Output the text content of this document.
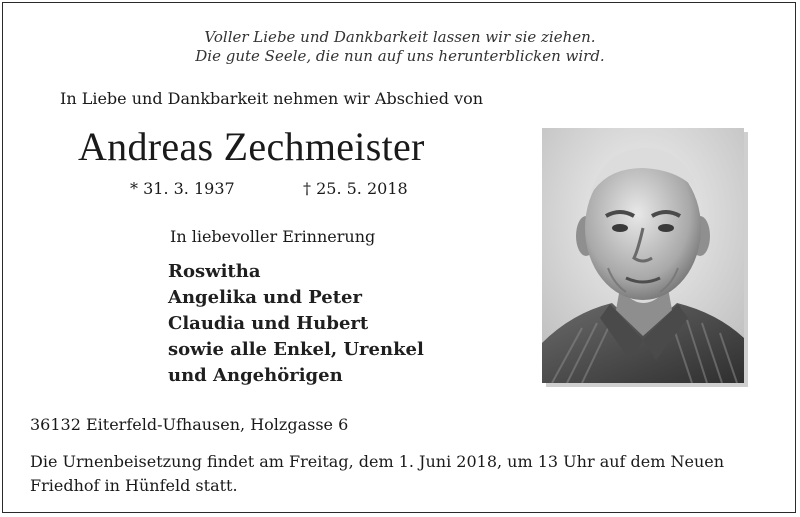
Voller Liebe und Dankbarkeit lassen wir sie ziehen.
Die gute Seele, die nun auf uns herunterblicken wird.
In Liebe und Dankbarkeit nehmen wir Abschied von
Andreas Zechmeister
* 31. 3. 1937	† 25. 5. 2018
In liebevoller Erinnerung
Roswitha
Angelika und Peter
Claudia und Hubert
sowie alle Enkel, Urenkel
und Angehörigen
36132 Eiterfeld-Ufhausen, Holzgasse 6
Die Urnenbeisetzung findet am Freitag, dem 1. Juni 2018, um 13 Uhr auf dem Neuen Friedhof in Hünfeld statt.
